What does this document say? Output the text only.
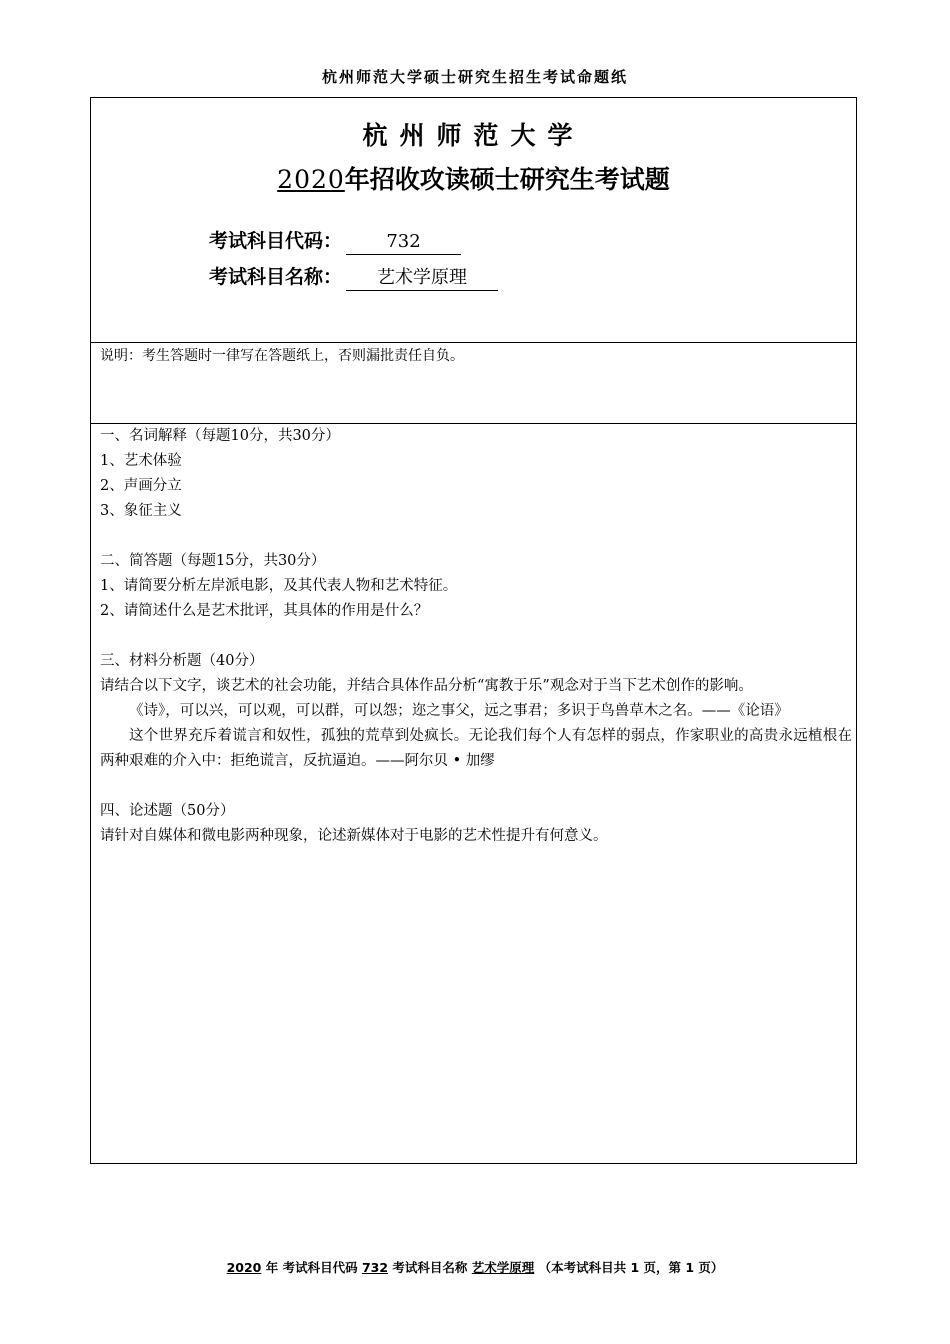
杭州师范大学硕士研究生招生考试命题纸
杭州师范大学
2020年招收攻读硕士研究生考试题
考试科目代码： 732
考试科目名称： 艺术学原理
说明：考生答题时一律写在答题纸上，否则漏批责任自负。

一、名词解释（每题10分，共30分）

1、艺术体验

2、声画分立

3、象征主义

二、简答题（每题15分，共30分）

1、请简要分析左岸派电影，及其代表人物和艺术特征。

2、请简述什么是艺术批评，其具体的作用是什么？

三、材料分析题（40分）

请结合以下文字，谈艺术的社会功能，并结合具体作品分析“寓教于乐”观念对于当下艺术创作的影响。

《诗》，可以兴，可以观，可以群，可以怨；迩之事父，远之事君；多识于鸟兽草木之名。——《论语》

这个世界充斥着谎言和奴性，孤独的荒草到处疯长。无论我们每个人有怎样的弱点，作家职业的高贵永远植根在两种艰难的介入中：拒绝谎言，反抗逼迫。——阿尔贝 • 加缪

四、论述题（50分）

请针对自媒体和微电影两种现象，论述新媒体对于电影的艺术性提升有何意义。

2020 年 考试科目代码 732 考试科目名称 艺术学原理 （本考试科目共 1 页，第 1 页）
